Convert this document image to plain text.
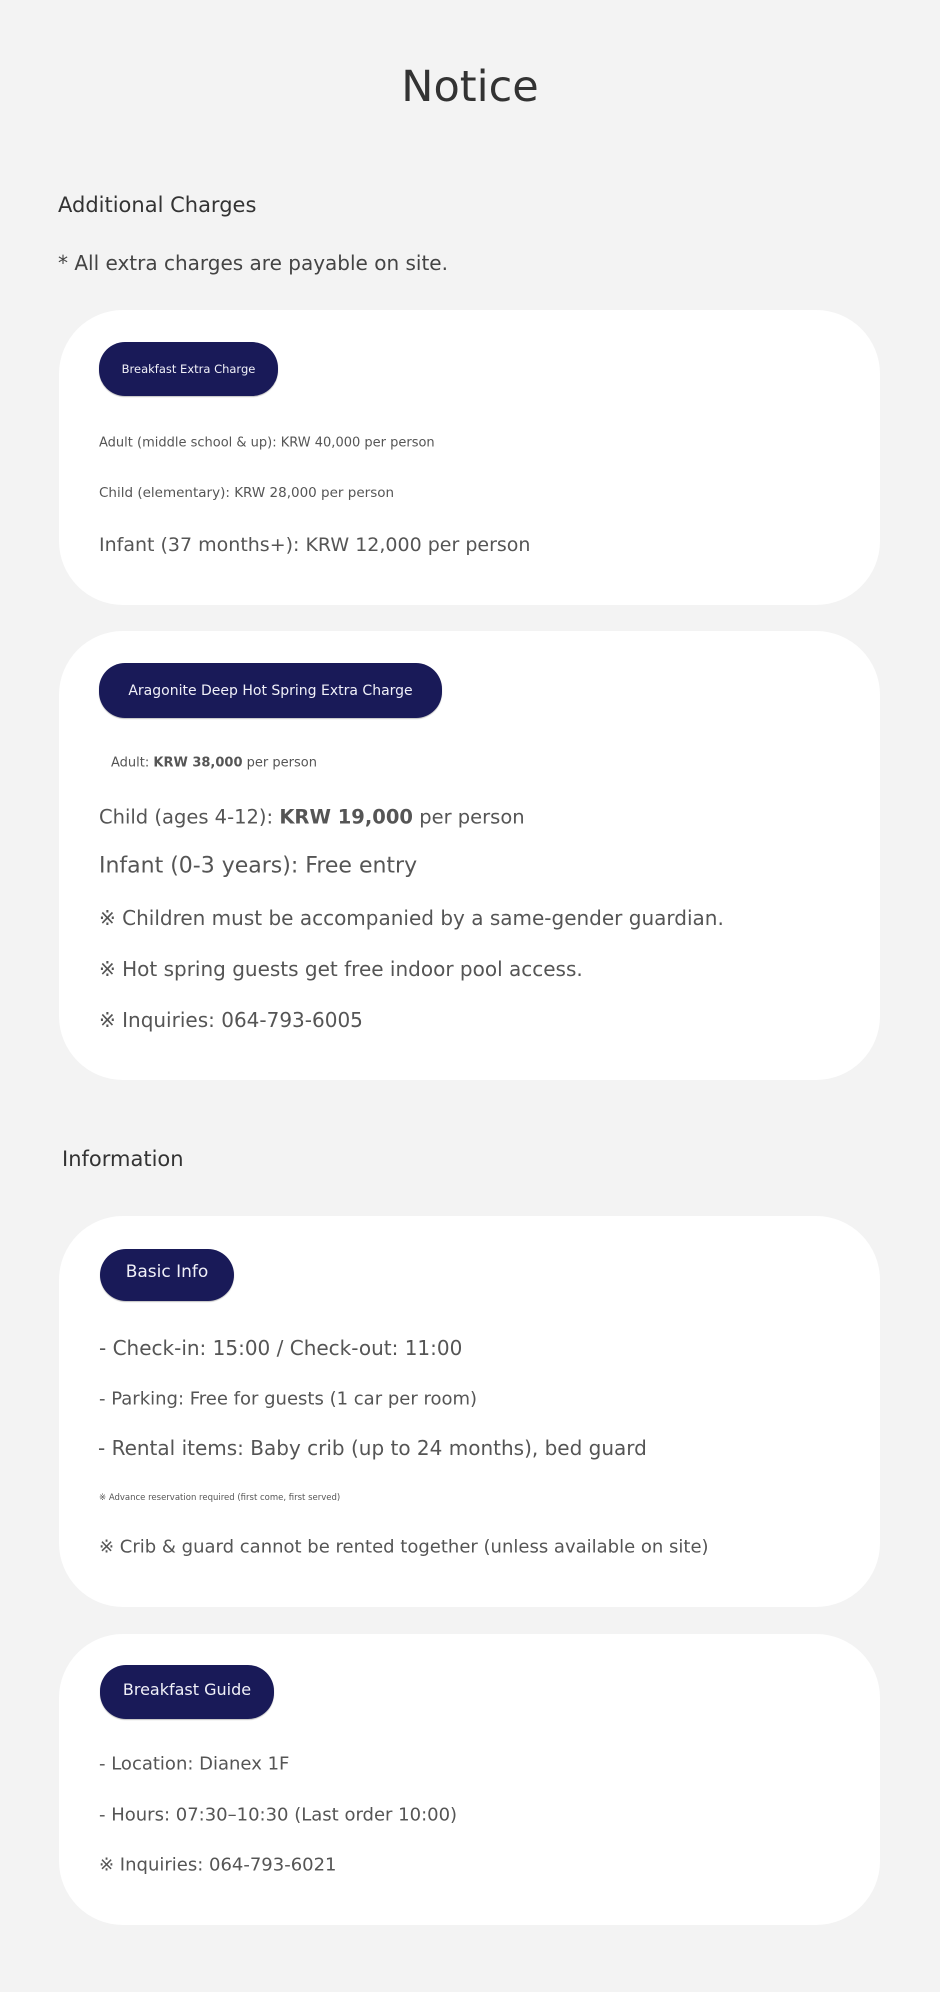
Notice
Additional Charges
* All extra charges are payable on site.
Breakfast Extra Charge
Adult (middle school & up): KRW 40,000 per person
Child (elementary): KRW 28,000 per person
Infant (37 months+): KRW 12,000 per person
Aragonite Deep Hot Spring Extra Charge
Adult: KRW 38,000 per person
Child (ages 4-12): KRW 19,000 per person
Infant (0-3 years): Free entry
※ Children must be accompanied by a same-gender guardian.
※ Hot spring guests get free indoor pool access.
※ Inquiries: 064-793-6005
Information
Basic Info
- Check-in: 15:00 / Check-out: 11:00
- Parking: Free for guests (1 car per room)
- Rental items: Baby crib (up to 24 months), bed guard
※ Advance reservation required (first come, first served)
※ Crib & guard cannot be rented together (unless available on site)
Breakfast Guide
- Location: Dianex 1F
- Hours: 07:30–10:30 (Last order 10:00)
※ Inquiries: 064-793-6021
